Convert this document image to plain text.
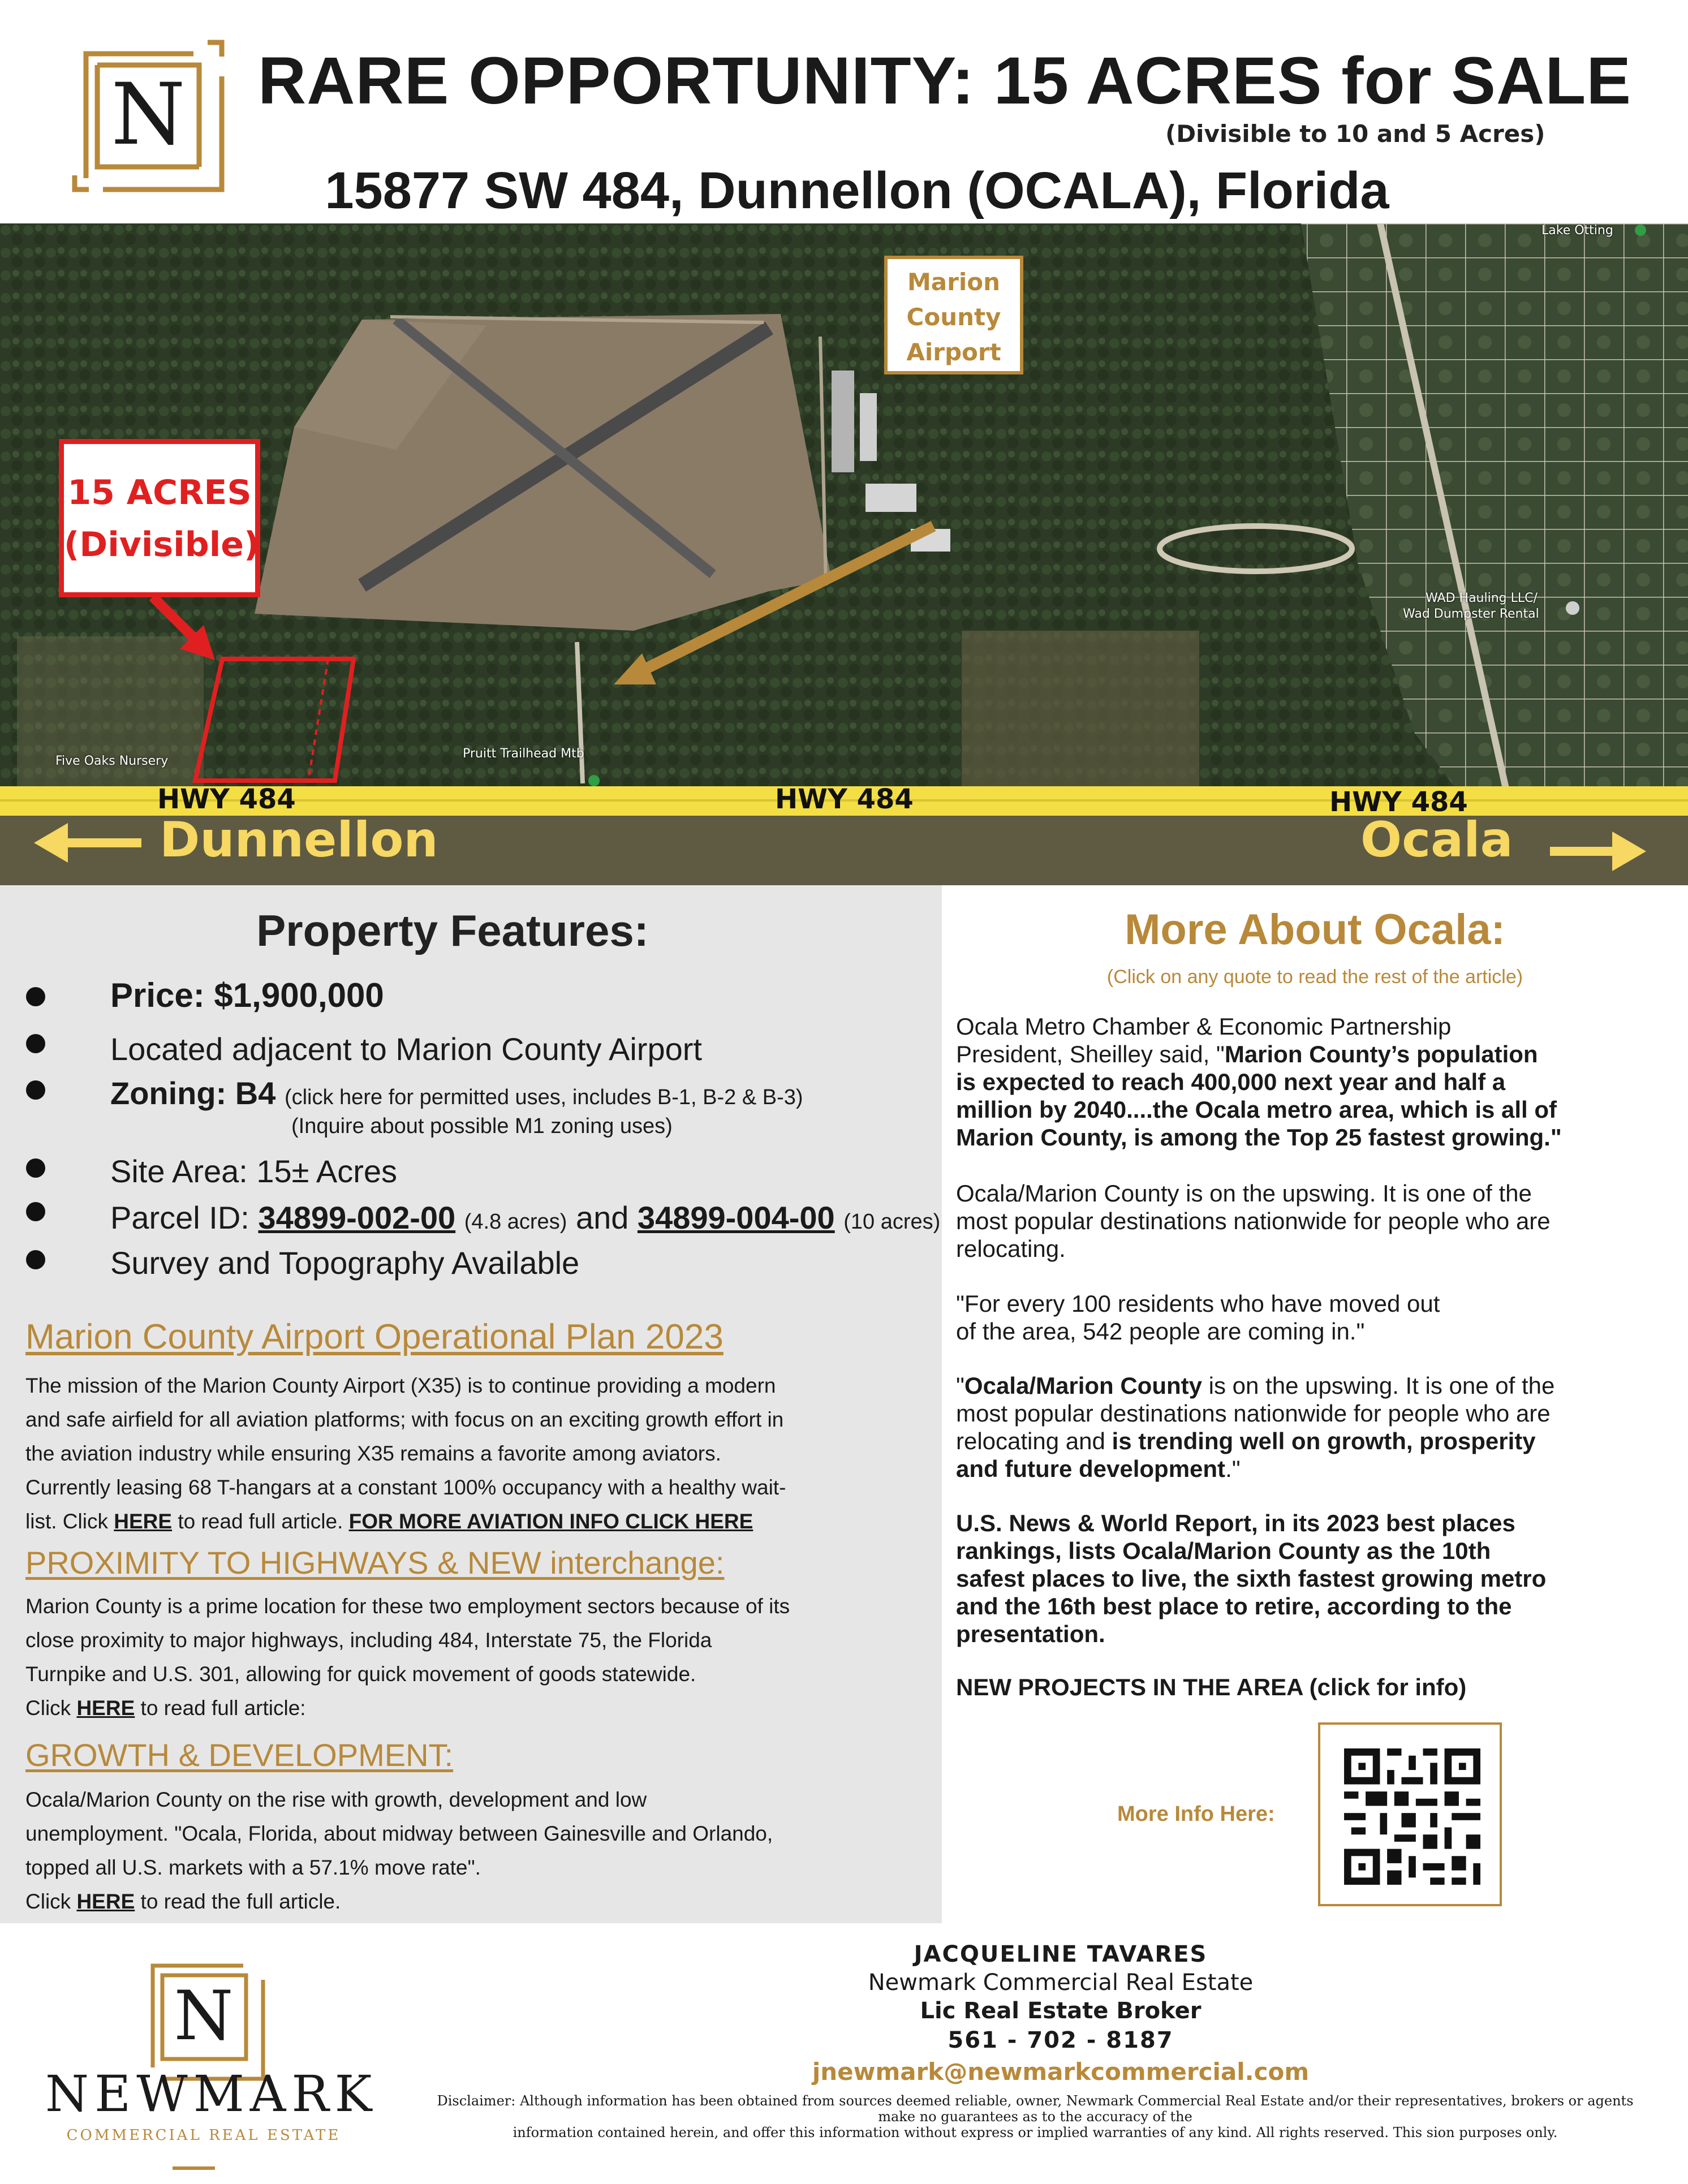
N	RARE OPPORTUNITY: 15 ACRES for SALE
(Divisible to 10 and 5 Acres)
15877 SW 484, Dunnellon (OCALA), Florida
Marion
County
Airport
15 ACRES
(Divisible)
HWY 484	HWY 484	HWY 484
Dunnellon	Ocala
Five Oaks Nursery
Pruitt Trailhead Mtb
WAD Hauling LLC/
Wad Dumpster Rental
Lake Otting
Property Features:
Price: $1,900,000
Located adjacent to Marion County Airport
Zoning: B4 (click here for permitted uses, includes B-1, B-2 & B-3)
(Inquire about possible M1 zoning uses)
Site Area: 15± Acres
Parcel ID: 34899-002-00 (4.8 acres) and 34899-004-00 (10 acres)
Survey and Topography Available
Marion County Airport Operational Plan 2023
The mission of the Marion County Airport (X35) is to continue providing a modern
and safe airfield for all aviation platforms; with focus on an exciting growth effort in
the aviation industry while ensuring X35 remains a favorite among aviators.
Currently leasing 68 T-hangars at a constant 100% occupancy with a healthy wait-
list. Click HERE to read full article. FOR MORE AVIATION INFO CLICK HERE
PROXIMITY TO HIGHWAYS & NEW interchange:
Marion County is a prime location for these two employment sectors because of its
close proximity to major highways, including 484, Interstate 75, the Florida
Turnpike and U.S. 301, allowing for quick movement of goods statewide.
Click HERE to read full article:
GROWTH & DEVELOPMENT:
Ocala/Marion County on the rise with growth, development and low
unemployment. "Ocala, Florida, about midway between Gainesville and Orlando,
topped all U.S. markets with a 57.1% move rate".
Click HERE to read the full article.
More About Ocala:
(Click on any quote to read the rest of the article)
Ocala Metro Chamber & Economic Partnership
President, Sheilley said, "Marion County’s population
is expected to reach 400,000 next year and half a
million by 2040....the Ocala metro area, which is all of
Marion County, is among the Top 25 fastest growing."
Ocala/Marion County is on the upswing. It is one of the
most popular destinations nationwide for people who are
relocating.
"For every 100 residents who have moved out
of the area, 542 people are coming in."
"Ocala/Marion County is on the upswing. It is one of the
most popular destinations nationwide for people who are
relocating and is trending well on growth, prosperity
and future development."
U.S. News & World Report, in its 2023 best places
rankings, lists Ocala/Marion County as the 10th
safest places to live, the sixth fastest growing metro
and the 16th best place to retire, according to the
presentation.
NEW PROJECTS IN THE AREA (click for info)
More Info Here:
N
NEWMARK
COMMERCIAL REAL ESTATE
JACQUELINE TAVARES
Newmark Commercial Real Estate
Lic Real Estate Broker
561 - 702 - 8187
jnewmark@newmarkcommercial.com
Disclaimer: Although information has been obtained from sources deemed reliable, owner, Newmark Commercial Real Estate and/or their representatives, brokers or agents
make no guarantees as to the accuracy of the
information contained herein, and offer this information without express or implied warranties of any kind. All rights reserved. This sion purposes only.
